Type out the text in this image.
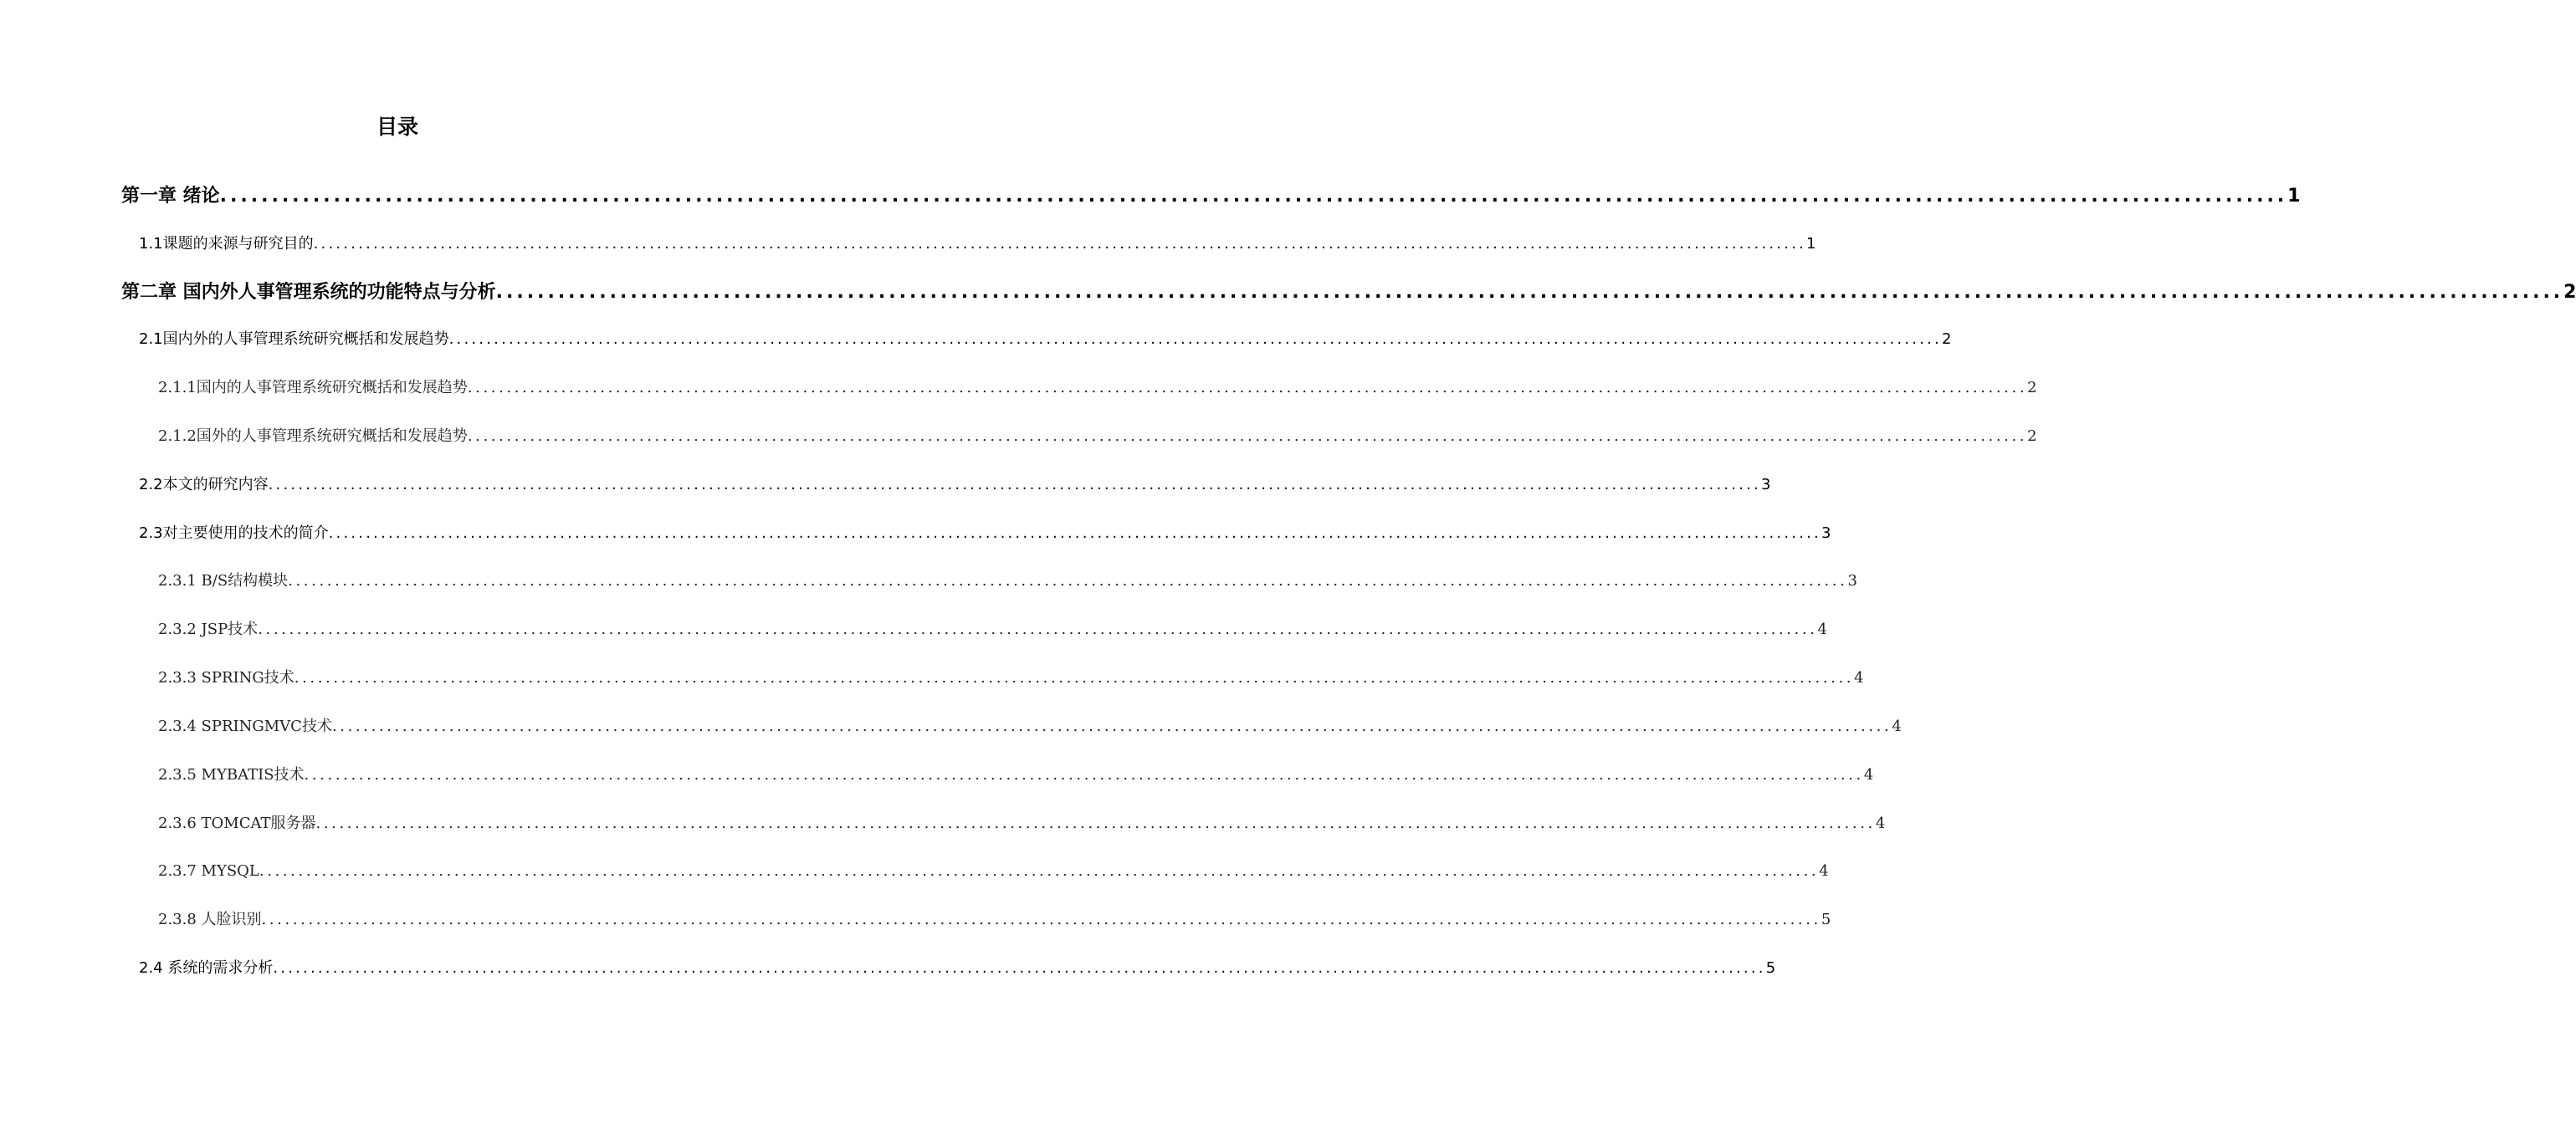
目录
第一章 绪论 ........................................................................................................................................................................................................ 1
1.1课题的来源与研究目的 ........................................................................................................................................................................................................ 1
第二章 国内外人事管理系统的功能特点与分析 ........................................................................................................................................................................................................ 2
2.1国内外的人事管理系统研究概括和发展趋势 ........................................................................................................................................................................................................ 2
2.1.1国内的人事管理系统研究概括和发展趋势 ........................................................................................................................................................................................................ 2
2.1.2国外的人事管理系统研究概括和发展趋势 ........................................................................................................................................................................................................ 2
2.2本文的研究内容 ........................................................................................................................................................................................................ 3
2.3对主要使用的技术的简介 ........................................................................................................................................................................................................ 3
2.3.1 B/S结构模块 ........................................................................................................................................................................................................ 3
2.3.2 JSP技术 ........................................................................................................................................................................................................ 4
2.3.3 SPRING技术 ........................................................................................................................................................................................................ 4
2.3.4 SPRINGMVC技术 ........................................................................................................................................................................................................ 4
2.3.5 MYBATIS技术 ........................................................................................................................................................................................................ 4
2.3.6 TOMCAT服务器 ........................................................................................................................................................................................................ 4
2.3.7 MYSQL ........................................................................................................................................................................................................ 4
2.3.8 人脸识别 ........................................................................................................................................................................................................ 5
2.4 系统的需求分析 ........................................................................................................................................................................................................ 5
